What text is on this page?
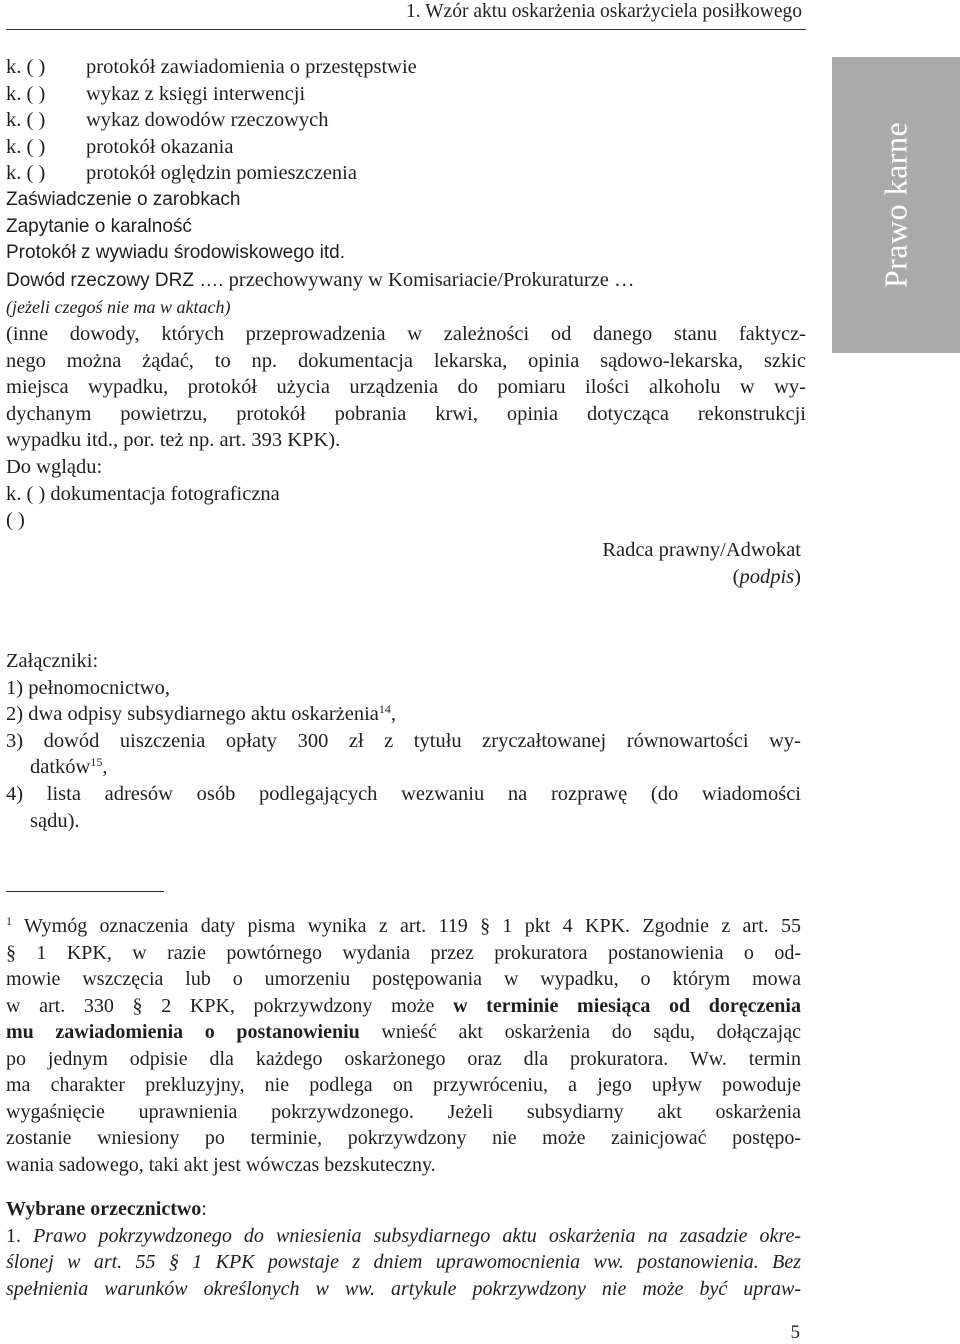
1. Wzór aktu oskarżenia oskarżyciela posiłkowego
Prawo karne
k. ( ) protokół zawiadomienia o przestępstwie
k. ( ) wykaz z księgi interwencji
k. ( ) wykaz dowodów rzeczowych
k. ( ) protokół okazania
k. ( ) protokół oględzin pomieszczenia
Zaświadczenie o zarobkach
Zapytanie o karalność
Protokół z wywiadu środowiskowego itd.
Dowód rzeczowy DRZ …. przechowywany w Komisariacie/Prokuraturze …
(jeżeli czegoś nie ma w aktach)
(inne dowody, których przeprowadzenia w zależności od danego stanu faktycz-
nego można żądać, to np. dokumentacja lekarska, opinia sądowo-lekarska, szkic
miejsca wypadku, protokół użycia urządzenia do pomiaru ilości alkoholu w wy-
dychanym powietrzu, protokół pobrania krwi, opinia dotycząca rekonstrukcji
wypadku itd., por. też np. art. 393 KPK).
Do wglądu:
k. ( ) dokumentacja fotograficzna
( )
Radca prawny/Adwokat
(podpis)
Załączniki:
1) pełnomocnictwo,
2) dwa odpisy subsydiarnego aktu oskarżenia$^{14}$,
3) dowód uiszczenia opłaty 300 zł z tytułu zryczałtowanej równowartości wy-
datków$^{15}$,
4) lista adresów osób podlegających wezwaniu na rozprawę (do wiadomości
sądu).
$^1$ Wymóg oznaczenia daty pisma wynika z art. 119 § 1 pkt 4 KPK. Zgodnie z art. 55
§ 1 KPK, w razie powtórnego wydania przez prokuratora postanowienia o od-
mowie wszczęcia lub o umorzeniu postępowania w wypadku, o którym mowa
w art. 330 § 2 KPK, pokrzywdzony może w terminie miesiąca od doręczenia
mu zawiadomienia o postanowieniu wnieść akt oskarżenia do sądu, dołączając
po jednym odpisie dla każdego oskarżonego oraz dla prokuratora. Ww. termin
ma charakter prekluzyjny, nie podlega on przywróceniu, a jego upływ powoduje
wygaśnięcie uprawnienia pokrzywdzonego. Jeżeli subsydiarny akt oskarżenia
zostanie wniesiony po terminie, pokrzywdzony nie może zainicjować postępo-
wania sadowego, taki akt jest wówczas bezskuteczny.
Wybrane orzecznictwo:
1. Prawo pokrzywdzonego do wniesienia subsydiarnego aktu oskarżenia na zasadzie okre-
ślonej w art. 55 § 1 KPK powstaje z dniem uprawomocnienia ww. postanowienia. Bez
spełnienia warunków określonych w ww. artykule pokrzywdzony nie może być upraw-
5
